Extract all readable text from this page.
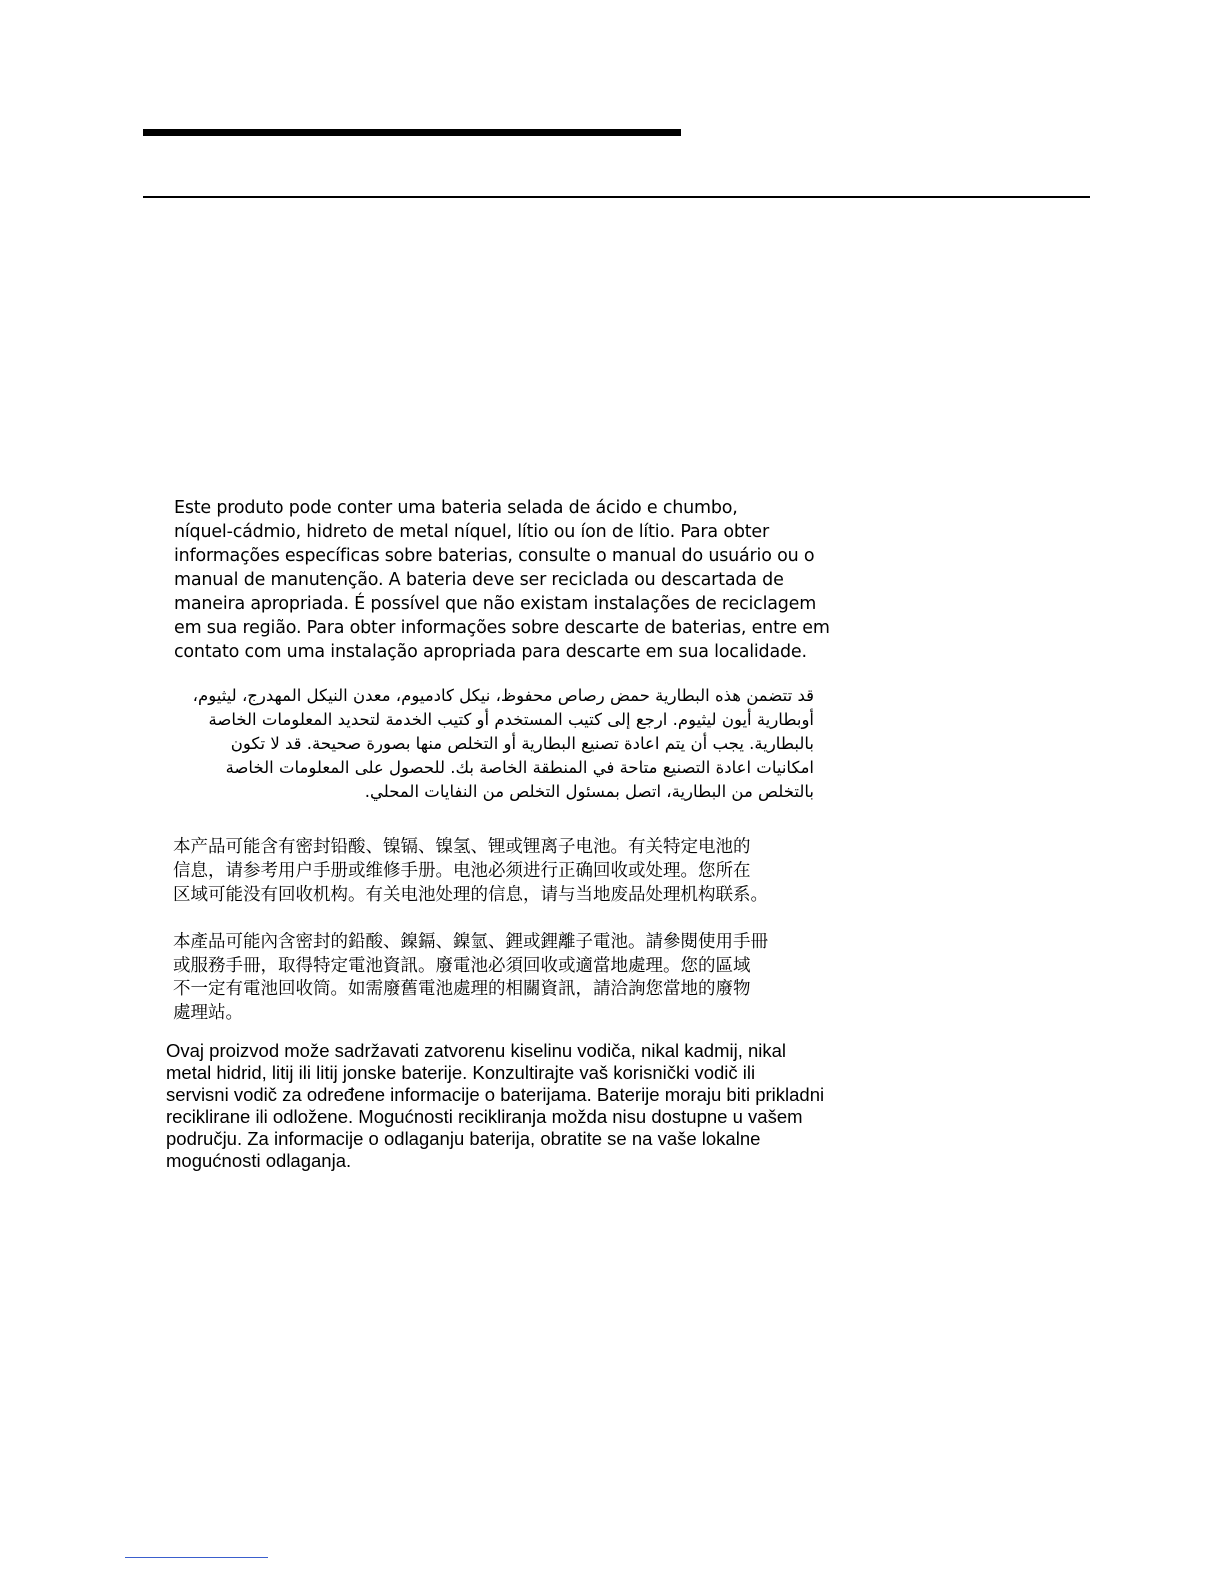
Este produto pode conter uma bateria selada de ácido e chumbo,
níquel-cádmio, hidreto de metal níquel, lítio ou íon de lítio. Para obter
informações específicas sobre baterias, consulte o manual do usuário ou o
manual de manutenção. A bateria deve ser reciclada ou descartada de
maneira apropriada. É possível que não existam instalações de reciclagem
em sua região. Para obter informações sobre descarte de baterias, entre em
contato com uma instalação apropriada para descarte em sua localidade.
قد تتضمن هذه البطارية حمض رصاص محفوظ، نيكل كادميوم، معدن النيكل المهدرج، ليثيوم،
أوبطارية أيون ليثيوم. ارجع إلى كتيب المستخدم أو كتيب الخدمة لتحديد المعلومات الخاصة
بالبطارية. يجب أن يتم اعادة تصنيع البطارية أو التخلص منها بصورة صحيحة. قد لا تكون
امكانيات اعادة التصنيع متاحة في المنطقة الخاصة بك. للحصول على المعلومات الخاصة
بالتخلص من البطارية، اتصل بمسئول التخلص من النفايات المحلي.
本产品可能含有密封铅酸、镍镉、镍氢、锂或锂离子电池。有关特定电池的
信息，请参考用户手册或维修手册。电池必须进行正确回收或处理。您所在
区域可能没有回收机构。有关电池处理的信息，请与当地废品处理机构联系。
本產品可能內含密封的鉛酸、鎳鎘、鎳氫、鋰或鋰離子電池。請參閱使用手冊
或服務手冊，取得特定電池資訊。廢電池必須回收或適當地處理。您的區域
不一定有電池回收筒。如需廢舊電池處理的相關資訊，請洽詢您當地的廢物
處理站。
Ovaj proizvod može sadržavati zatvorenu kiselinu vodiča, nikal kadmij, nikal
metal hidrid, litij ili litij jonske baterije. Konzultirajte vaš korisnički vodič ili
servisni vodič za određene informacije o baterijama. Baterije moraju biti prikladni
reciklirane ili odložene. Mogućnosti recikliranja možda nisu dostupne u vašem
području. Za informacije o odlaganju baterija, obratite se na vaše lokalne
mogućnosti odlaganja.
